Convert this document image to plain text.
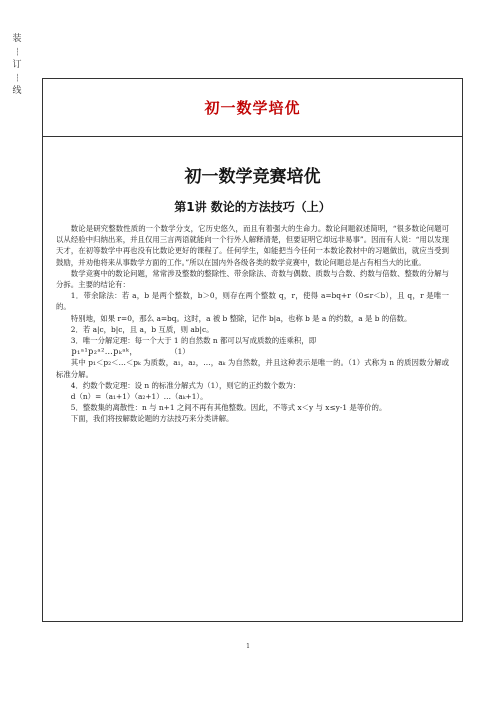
装
┆
订
┆
线
初一数学培优
初一数学竞赛培优
第1讲 数论的方法技巧（上）

数论是研究整数性质的一个数学分支，它历史悠久，而且有着强大的生命力。数论问题叙述简明，“很多数论问题可以从经验中归纳出来，并且仅用三言两语就能向一个行外人解释清楚，但要证明它却远非易事”。因而有人说：“用以发现天才，在初等数学中再也没有比数论更好的课程了。任何学生，如能把当今任何一本数论教材中的习题做出，就应当受到鼓励，并劝他将来从事数学方面的工作。”所以在国内外各级各类的数学竞赛中，数论问题总是占有相当大的比重。

数学竞赛中的数论问题，常常涉及整数的整除性、带余除法、奇数与偶数、质数与合数、约数与倍数、整数的分解与分拆。主要的结论有：

1．带余除法：若 a，b 是两个整数，b＞0，则存在两个整数 q，r，使得 a=bq+r（0≤r＜b），且 q，r 是唯一的。

特别地，如果 r=0，那么 a=bq。这时，a 被 b 整除，记作 b|a，也称 b 是 a 的约数，a 是 b 的倍数。

2．若 a|c，b|c，且 a，b 互质，则 ab|c。

3．唯一分解定理：每一个大于 1 的自然数 n 都可以写成质数的连乘积，即

p₁ᵃ¹p₂ᵃ²…pₖᵃᵏ，	（1）

其中 p₁＜p₂＜…＜pₖ 为质数，a₁，a₂，…，aₖ 为自然数，并且这种表示是唯一的。（1）式称为 n 的质因数分解或标准分解。

4．约数个数定理：设 n 的标准分解式为（1），则它的正约数个数为：

d（n）=（a₁+1）（a₂+1）…（aₖ+1）。

5．整数集的离散性：n 与 n+1 之间不再有其他整数。因此，不等式 x＜y 与 x≤y-1 是等价的。

下面，我们将按解数论题的方法技巧来分类讲解。

1
